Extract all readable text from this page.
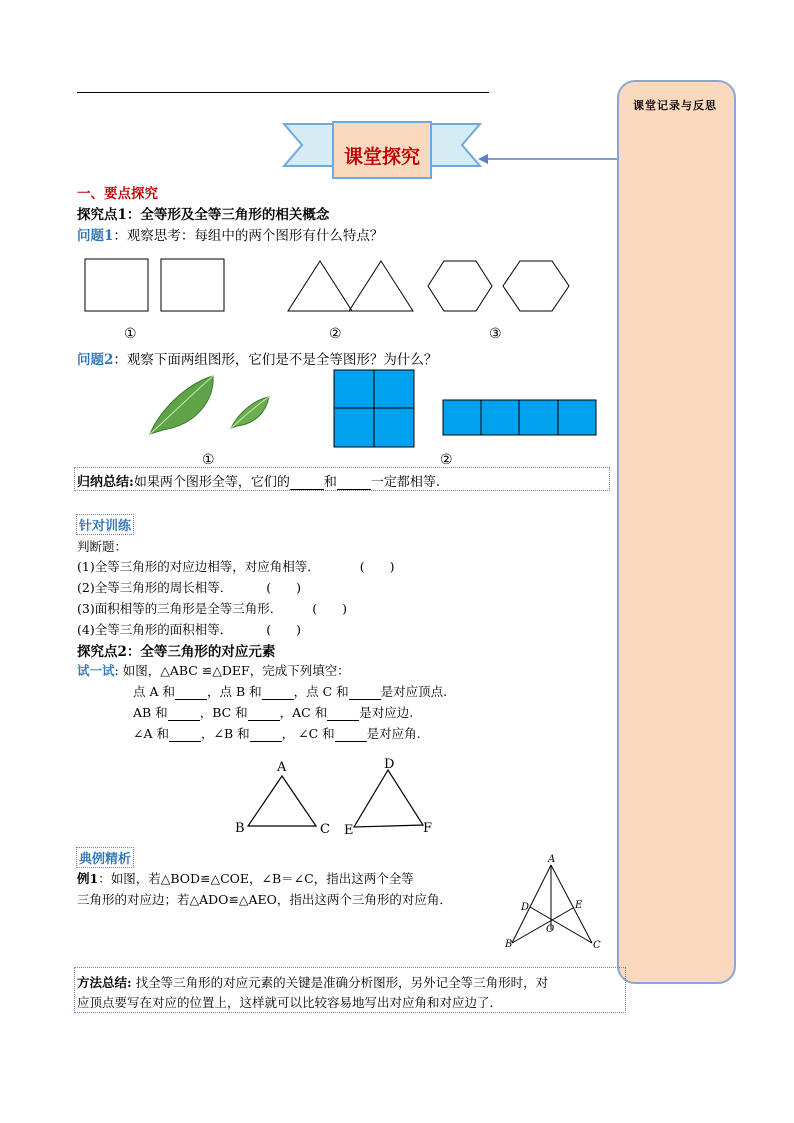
课堂记录与反思
课堂探究
一、要点探究
探究点1：全等形及全等三角形的相关概念
问题1：观察思考：每组中的两个图形有什么特点？
①	②	③
问题2：观察下面两组图形，它们是不是全等图形？为什么？
①	②
归纳总结:如果两个图形全等，它们的	和	一定都相等.
针对训练
判断题：
(1)全等三角形的对应边相等，对应角相等．	(　　)
(2)全等三角形的周长相等．	(　　)
(3)面积相等的三角形是全等三角形． (　　)
(4)全等三角形的面积相等．	(　　)
探究点2：全等三角形的对应元素
试一试: 如图，△ABC ≌△DEF，完成下列填空：
点 A 和	，点 B 和	，点 C 和	是对应顶点.
AB 和	，BC 和	，AC 和	是对应边.
∠A 和	，∠B 和	， ∠C 和	是对应角.
A
B	C
D
E	F
典例精析
例1：如图，若△BOD≌△COE，∠B＝∠C，指出这两个全等
三角形的对应边；若△ADO≌△AEO，指出这两个三角形的对应角．
A
D	E
O
B	C
方法总结: 找全等三角形的对应元素的关键是准确分析图形，另外记全等三角形时，对
应顶点要写在对应的位置上，这样就可以比较容易地写出对应角和对应边了．
